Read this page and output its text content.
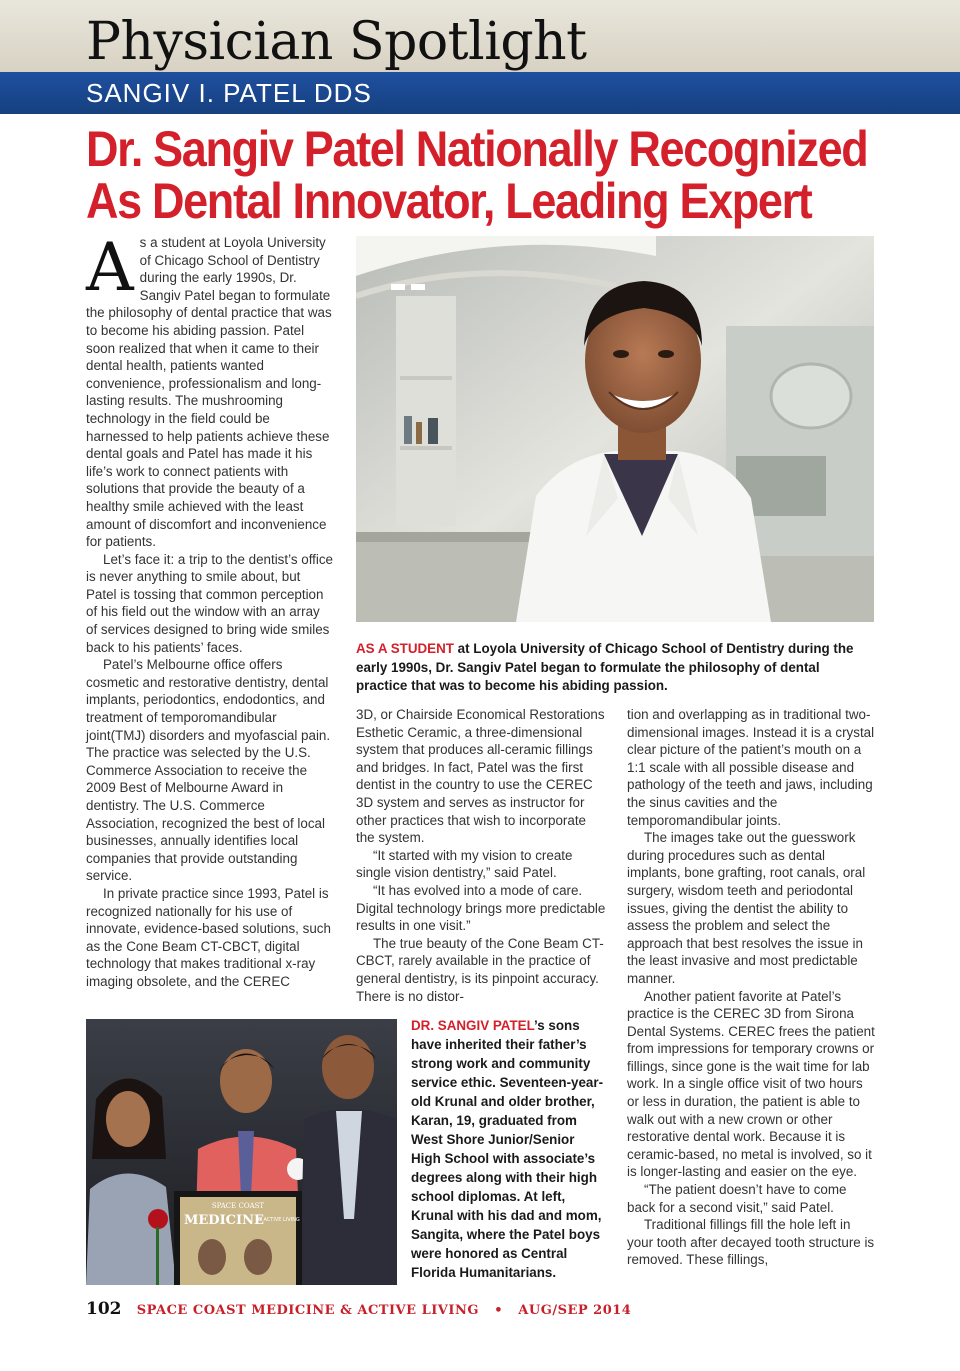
Physician Spotlight
SANGIV I. PATEL DDS
Dr. Sangiv Patel Nationally Recognized
As Dental Innovator, Leading Expert
A s a student at Loyola University of Chicago School of Dentistry during the early 1990s, Dr. Sangiv Patel began to formulate the philosophy of dental practice that was to become his abiding passion. Patel soon realized that when it came to their dental health, patients wanted convenience, professionalism and long-lasting results. The mushrooming technology in the field could be harnessed to help patients achieve these dental goals and Patel has made it his life’s work to connect patients with solutions that provide the beauty of a healthy smile achieved with the least amount of discomfort and inconvenience for patients.

Let’s face it: a trip to the dentist’s office is never anything to smile about, but Patel is tossing that common perception of his field out the window with an array of services designed to bring wide smiles back to his patients’ faces.

Patel’s Melbourne office offers cosmetic and restorative dentistry, dental implants, periodontics, endodontics, and treatment of temporomandibular joint(TMJ) disorders and myofascial pain. The practice was selected by the U.S. Commerce Association to receive the 2009 Best of Melbourne Award in dentistry. The U.S. Commerce Association, recognized the best of local businesses, annually identifies local companies that provide outstanding service.

In private practice since 1993, Patel is recognized nationally for his use of innovate, evidence-based solutions, such as the Cone Beam CT-CBCT, digital technology that makes traditional x-ray imaging obsolete, and the CEREC

AS A STUDENT at Loyola University of Chicago School of Dentistry during the early 1990s, Dr. Sangiv Patel began to formulate the philosophy of dental practice that was to become his abiding passion.

3D, or Chairside Economical Restorations Esthetic Ceramic, a three-dimensional system that produces all-ceramic fillings and bridges. In fact, Patel was the first dentist in the country to use the CEREC 3D system and serves as instructor for other practices that wish to incorporate the system.

“It started with my vision to create single vision dentistry,” said Patel.

“It has evolved into a mode of care. Digital technology brings more predictable results in one visit.”

The true beauty of the Cone Beam CT-CBCT, rarely available in the practice of general dentistry, is its pinpoint accuracy. There is no distor-

tion and overlapping as in traditional two-dimensional images. Instead it is a crystal clear picture of the patient’s mouth on a 1:1 scale with all possible disease and pathology of the teeth and jaws, including the sinus cavities and the temporomandibular joints.

The images take out the guesswork during procedures such as dental implants, bone grafting, root canals, oral surgery, wisdom teeth and periodontal issues, giving the dentist the ability to assess the problem and select the approach that best resolves the issue in the least invasive and most predictable manner.

Another patient favorite at Patel’s practice is the CEREC 3D from Sirona Dental Systems. CEREC frees the patient from impressions for temporary crowns or fillings, since gone is the wait time for lab work. In a single office visit of two hours or less in duration, the patient is able to walk out with a new crown or other restorative dental work. Because it is ceramic-based, no metal is involved, so it is longer-lasting and easier on the eye.

“The patient doesn’t have to come back for a second visit,” said Patel.

Traditional fillings fill the hole left in your tooth after decayed tooth structure is removed. These fillings,

SPACE COAST
MEDICINE
& ACTIVE LIVING
DR. SANGIV PATEL’s sons have inherited their father’s strong work and community service ethic. Seventeen-year-old Krunal and older brother, Karan, 19, graduated from West Shore Junior/Senior High School with associate’s degrees along with their high school diplomas. At left, Krunal with his dad and mom, Sangita, where the Patel boys were honored as Central Florida Humanitarians.
102 SPACE COAST MEDICINE & ACTIVE LIVING • AUG/SEP 2014
